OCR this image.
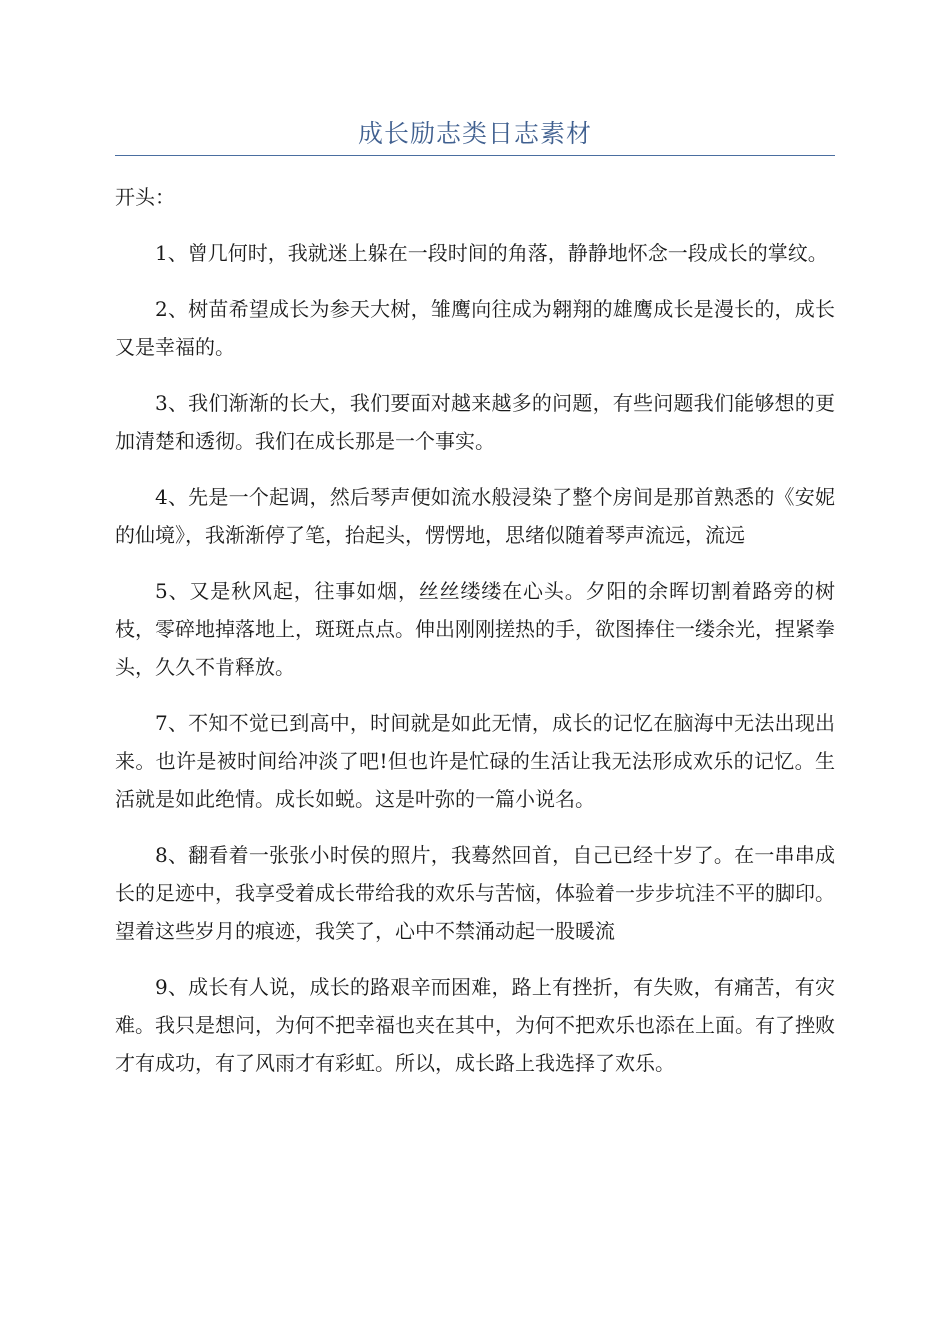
成长励志类日志素材

开头：

1、曾几何时，我就迷上躲在一段时间的角落，静静地怀念一段成长的掌纹。

2、树苗希望成长为参天大树，雏鹰向往成为翱翔的雄鹰成长是漫长的，成长又是幸福的。

3、我们渐渐的长大，我们要面对越来越多的问题，有些问题我们能够想的更加清楚和透彻。我们在成长那是一个事实。

4、先是一个起调，然后琴声便如流水般浸染了整个房间是那首熟悉的《安妮的仙境》，我渐渐停了笔，抬起头，愣愣地，思绪似随着琴声流远，流远

5、又是秋风起，往事如烟，丝丝缕缕在心头。夕阳的余晖切割着路旁的树枝，零碎地掉落地上，斑斑点点。伸出刚刚搓热的手，欲图捧住一缕余光，捏紧拳头，久久不肯释放。

7、不知不觉已到高中，时间就是如此无情，成长的记忆在脑海中无法出现出来。也许是被时间给冲淡了吧!但也许是忙碌的生活让我无法形成欢乐的记忆。生活就是如此绝情。成长如蜕。这是叶弥的一篇小说名。

8、翻看着一张张小时侯的照片，我蓦然回首，自己已经十岁了。在一串串成长的足迹中，我享受着成长带给我的欢乐与苦恼，体验着一步步坑洼不平的脚印。望着这些岁月的痕迹，我笑了，心中不禁涌动起一股暖流

9、成长有人说，成长的路艰辛而困难，路上有挫折，有失败，有痛苦，有灾难。我只是想问，为何不把幸福也夹在其中，为何不把欢乐也添在上面。有了挫败才有成功，有了风雨才有彩虹。所以，成长路上我选择了欢乐。
